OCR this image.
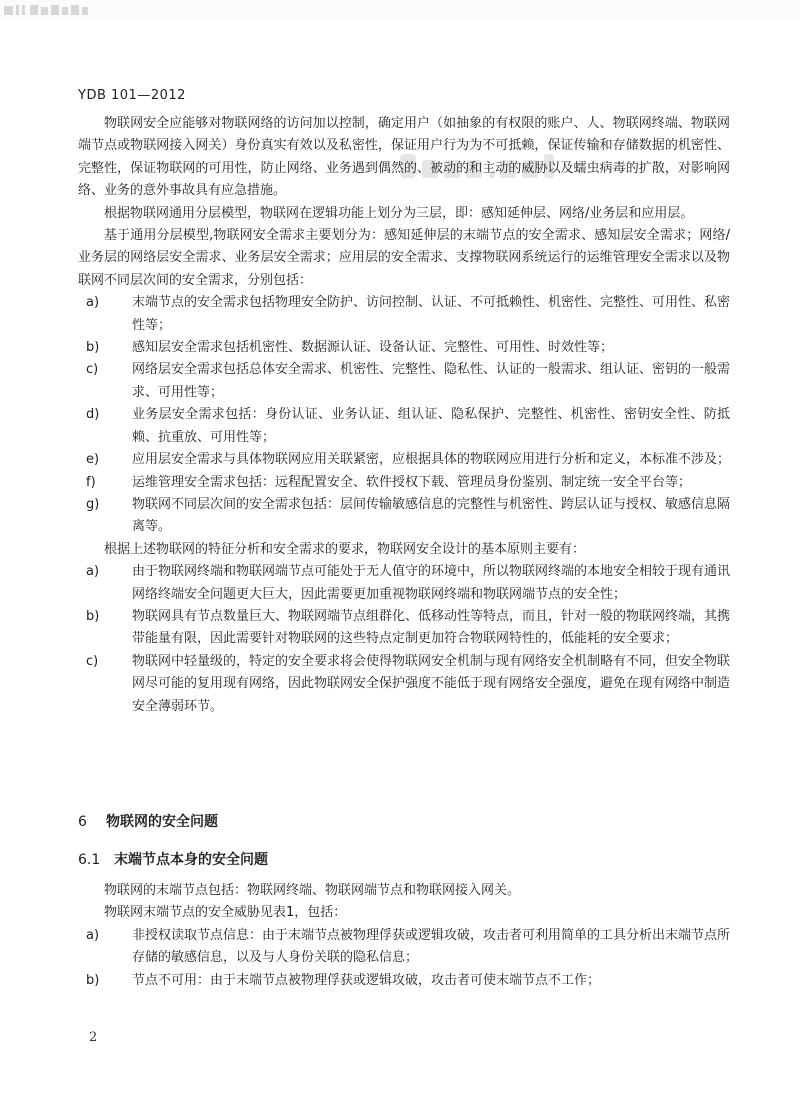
YDB 101—2012

物联网安全应能够对物联网络的访问加以控制，确定用户（如抽象的有权限的账户、人、物联网终端、物联网端节点或物联网接入网关）身份真实有效以及私密性，保证用户行为为不可抵赖，保证传输和存储数据的机密性、完整性，保证物联网的可用性，防止网络、业务遇到偶然的、被动的和主动的威胁以及蠕虫病毒的扩散，对影响网络、业务的意外事故具有应急措施。

根据物联网通用分层模型，物联网在逻辑功能上划分为三层，即：感知延伸层、网络/业务层和应用层。

基于通用分层模型,物联网安全需求主要划分为：感知延伸层的末端节点的安全需求、感知层安全需求；网络/业务层的网络层安全需求、业务层安全需求；应用层的安全需求、支撑物联网系统运行的运维管理安全需求以及物联网不同层次间的安全需求，分别包括：

a)	末端节点的安全需求包括物理安全防护、访问控制、认证、不可抵赖性、机密性、完整性、可用性、私密性等；
b)	感知层安全需求包括机密性、数据源认证、设备认证、完整性、可用性、时效性等；
c)	网络层安全需求包括总体安全需求、机密性、完整性、隐私性、认证的一般需求、组认证、密钥的一般需求、可用性等；
d)	业务层安全需求包括：身份认证、业务认证、组认证、隐私保护、完整性、机密性、密钥安全性、防抵赖、抗重放、可用性等；
e)	应用层安全需求与具体物联网应用关联紧密，应根据具体的物联网应用进行分析和定义，本标准不涉及；
f)	运维管理安全需求包括：远程配置安全、软件授权下载、管理员身份鉴别、制定统一安全平台等；
g)	物联网不同层次间的安全需求包括：层间传输敏感信息的完整性与机密性、跨层认证与授权、敏感信息隔离等。

根据上述物联网的特征分析和安全需求的要求，物联网安全设计的基本原则主要有：

a)	由于物联网终端和物联网端节点可能处于无人值守的环境中，所以物联网终端的本地安全相较于现有通讯网络终端安全问题更大巨大，因此需要更加重视物联网终端和物联网端节点的安全性；
b)	物联网具有节点数量巨大、物联网端节点组群化、低移动性等特点，而且，针对一般的物联网终端，其携带能量有限，因此需要针对物联网的这些特点定制更加符合物联网特性的，低能耗的安全要求；
c)	物联网中轻量级的，特定的安全要求将会使得物联网安全机制与现有网络安全机制略有不同，但安全物联网尽可能的复用现有网络，因此物联网安全保护强度不能低于现有网络安全强度，避免在现有网络中制造安全薄弱环节。
6 物联网的安全问题
6.1 末端节点本身的安全问题

物联网的末端节点包括：物联网终端、物联网端节点和物联网接入网关。

物联网末端节点的安全威胁见表1，包括：

a)	非授权读取节点信息：由于末端节点被物理俘获或逻辑攻破，攻击者可利用简单的工具分析出末端节点所存储的敏感信息，以及与人身份关联的隐私信息；
b)	节点不可用：由于末端节点被物理俘获或逻辑攻破，攻击者可使末端节点不工作；
2
